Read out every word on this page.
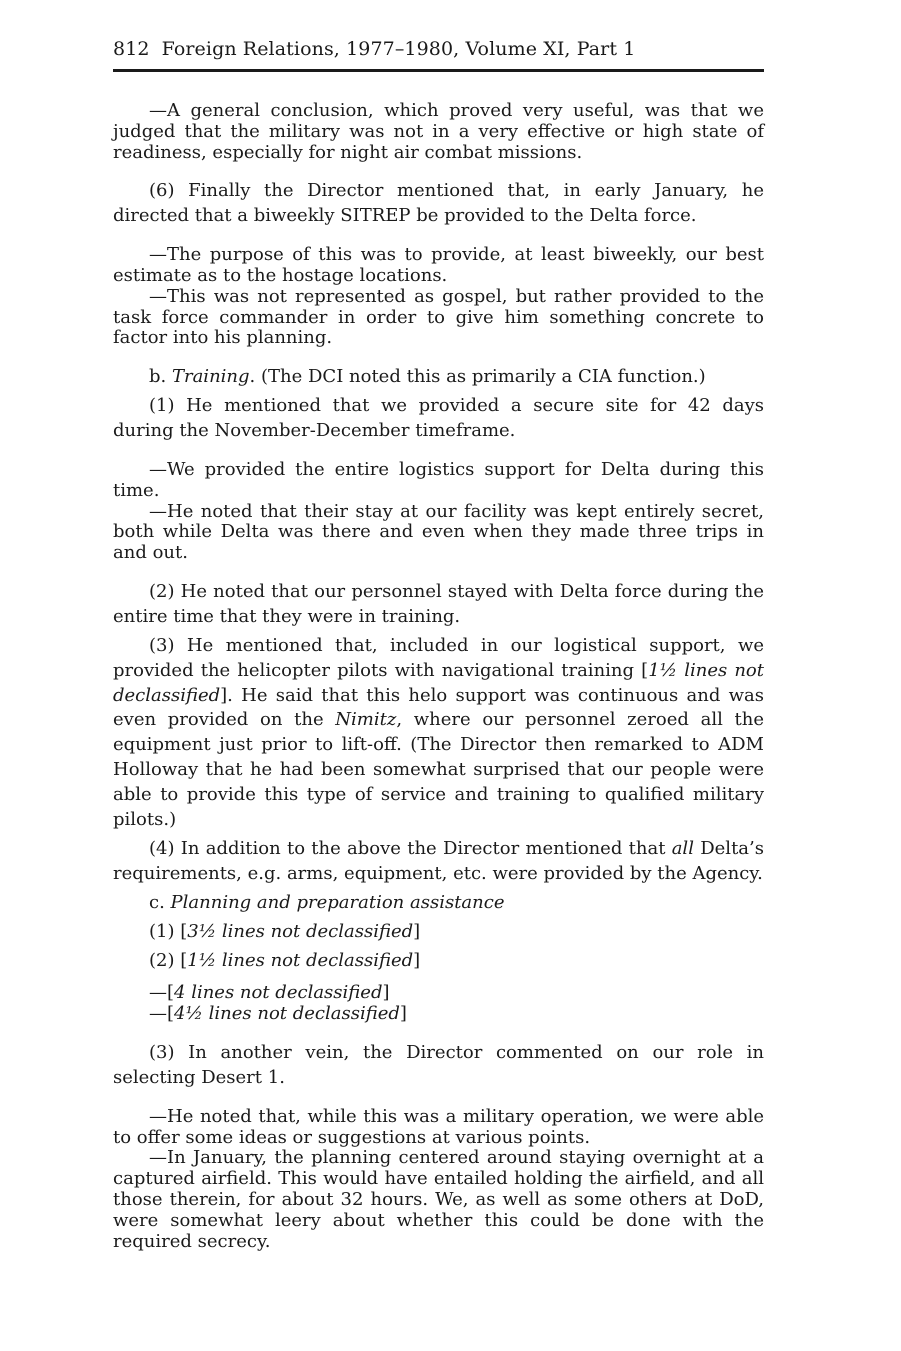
812 Foreign Relations, 1977–1980, Volume XI, Part 1

—A general conclusion, which proved very useful, was that we judged that the military was not in a very effective or high state of readiness, especially for night air combat missions.

(6) Finally the Director mentioned that, in early January, he directed that a biweekly SITREP be provided to the Delta force.

—The purpose of this was to provide, at least biweekly, our best estimate as to the hostage locations.

—This was not represented as gospel, but rather provided to the task force commander in order to give him something concrete to factor into his planning.

b. Training. (The DCI noted this as primarily a CIA function.)

(1) He mentioned that we provided a secure site for 42 days during the November-December timeframe.

—We provided the entire logistics support for Delta during this time.

—He noted that their stay at our facility was kept entirely secret, both while Delta was there and even when they made three trips in and out.

(2) He noted that our personnel stayed with Delta force during the entire time that they were in training.

(3) He mentioned that, included in our logistical support, we provided the helicopter pilots with navigational training [1½ lines not declassified]. He said that this helo support was continuous and was even provided on the Nimitz, where our personnel zeroed all the equipment just prior to lift-off. (The Director then remarked to ADM Holloway that he had been somewhat surprised that our people were able to provide this type of service and training to qualified military pilots.)

(4) In addition to the above the Director mentioned that all Delta’s requirements, e.g. arms, equipment, etc. were provided by the Agency.

c. Planning and preparation assistance

(1) [3½ lines not declassified]

(2) [1½ lines not declassified]

—[4 lines not declassified]

—[4½ lines not declassified]

(3) In another vein, the Director commented on our role in selecting Desert 1.

—He noted that, while this was a military operation, we were able to offer some ideas or suggestions at various points.

—In January, the planning centered around staying overnight at a captured airfield. This would have entailed holding the airfield, and all those therein, for about 32 hours. We, as well as some others at DoD, were somewhat leery about whether this could be done with the required secrecy.
